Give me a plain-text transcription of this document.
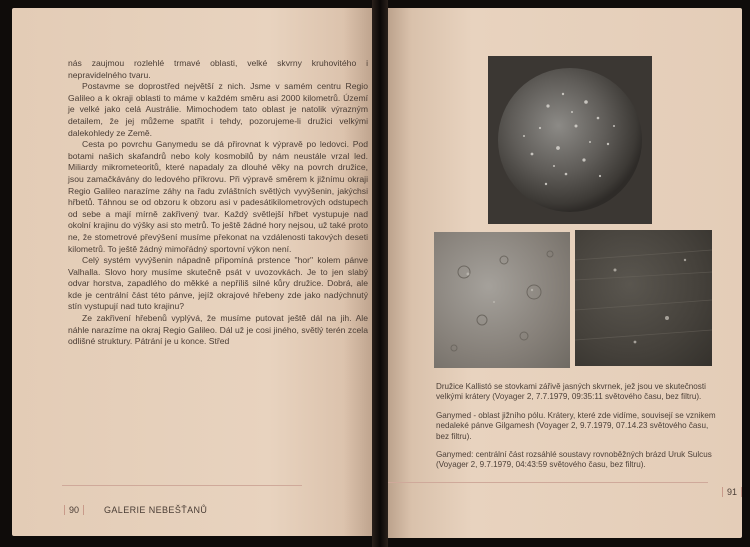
nás zaujmou rozlehlé trmavé oblasti, velké skvrny kruhovitého i nepravidelného tvaru.

Postavme se doprostřed největší z nich. Jsme v samém centru Regio Galileo a k okraji oblasti to máme v každém směru asi 2000 kilometrů. Území je velké jako celá Austrálie. Mimochodem tato oblast je natolik výrazným detailem, že jej můžeme spatřit i tehdy, pozorujeme-li družici velkými dalekohledy ze Země.

Cesta po povrchu Ganymedu se dá přirovnat k výpravě po ledovci. Pod botami našich skafandrů nebo koly kosmobilů by nám neustále vrzal led. Miliardy mikrometeoritů, které napadaly za dlouhé věky na povrch družice, jsou zamačkávány do ledového příkrovu. Při výpravě směrem k jižnímu okraji Regio Galileo narazíme záhy na řadu zvláštních světlých vyvýšenin, jakýchsi hřbetů. Táhnou se od obzoru k obzoru asi v padesátikilometrových odstupech od sebe a mají mírně zakřivený tvar. Každý světlejší hřbet vystupuje nad okolní krajinu do výšky asi sto metrů. To ještě žádné hory nejsou, už také proto ne, že stometrové převýšení musíme překonat na vzdálenosti takových deseti kilometrů. To ještě žádný mimořádný sportovní výkon není.

Celý systém vyvýšenin nápadně připomíná prstence "hor" kolem pánve Valhalla. Slovo hory musíme skutečně psát v uvozovkách. Je to jen slabý odvar horstva, zapadlého do měkké a nepříliš silné kůry družice. Dobrá, ale kde je centrální část této pánve, jejíž okrajové hřebeny zde jako nadýchnutý stín vystupují nad tuto krajinu?

Ze zakřivení hřebenů vyplývá, že musíme putovat ještě dál na jih. Ale náhle narazíme na okraj Regio Galileo. Dál už je cosi jiného, světlý terén zcela odlišné struktury. Pátrání je u konce. Střed

90	GALERIE NEBEŠŤANŮ

Družice Kallistó se stovkami zářivě jasných skvrnek, jež jsou ve skutečnosti velkými krátery (Voyager 2, 7.7.1979, 09:35:11 světového času, bez filtru).

Ganymed - oblast jižního pólu. Krátery, které zde vidíme, souvisejí se vznikem nedaleké pánve Gilgamesh (Voyager 2, 9.7.1979, 07.14.23 světového času, bez filtru).

Ganymed: centrální část rozsáhlé soustavy rovnoběžných brázd Uruk Sulcus (Voyager 2, 9.7.1979, 04:43:59 světového času, bez filtru).

91
